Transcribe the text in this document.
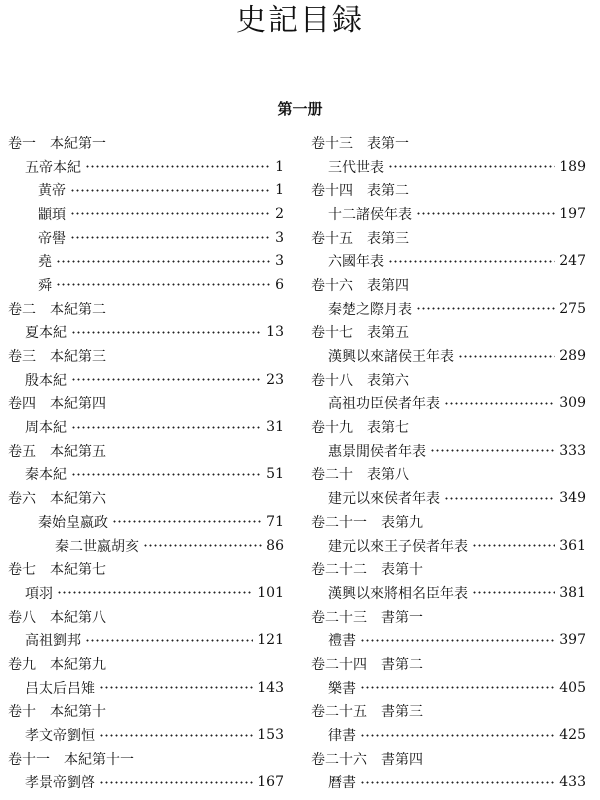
史記目録
第一册
卷一　本紀第一
五帝本紀	1
黄帝	1
顓頊	2
帝嚳	3
堯	3
舜	6
卷二　本紀第二
夏本紀	13
卷三　本紀第三
殷本紀	23
卷四　本紀第四
周本紀	31
卷五　本紀第五
秦本紀	51
卷六　本紀第六
秦始皇嬴政	71
秦二世嬴胡亥	86
卷七　本紀第七
項羽	101
卷八　本紀第八
高祖劉邦	121
卷九　本紀第九
吕太后吕雉	143
卷十　本紀第十
孝文帝劉恒	153
卷十一　本紀第十一
孝景帝劉啓	167
卷十三　表第一
三代世表	189
卷十四　表第二
十二諸侯年表	197
卷十五　表第三
六國年表	247
卷十六　表第四
秦楚之際月表	275
卷十七　表第五
漢興以來諸侯王年表	289
卷十八　表第六
高祖功臣侯者年表	309
卷十九　表第七
惠景閒侯者年表	333
卷二十　表第八
建元以來侯者年表	349
卷二十一　表第九
建元以來王子侯者年表	361
卷二十二　表第十
漢興以來將相名臣年表	381
卷二十三　書第一
禮書	397
卷二十四　書第二
樂書	405
卷二十五　書第三
律書	425
卷二十六　書第四
曆書	433
